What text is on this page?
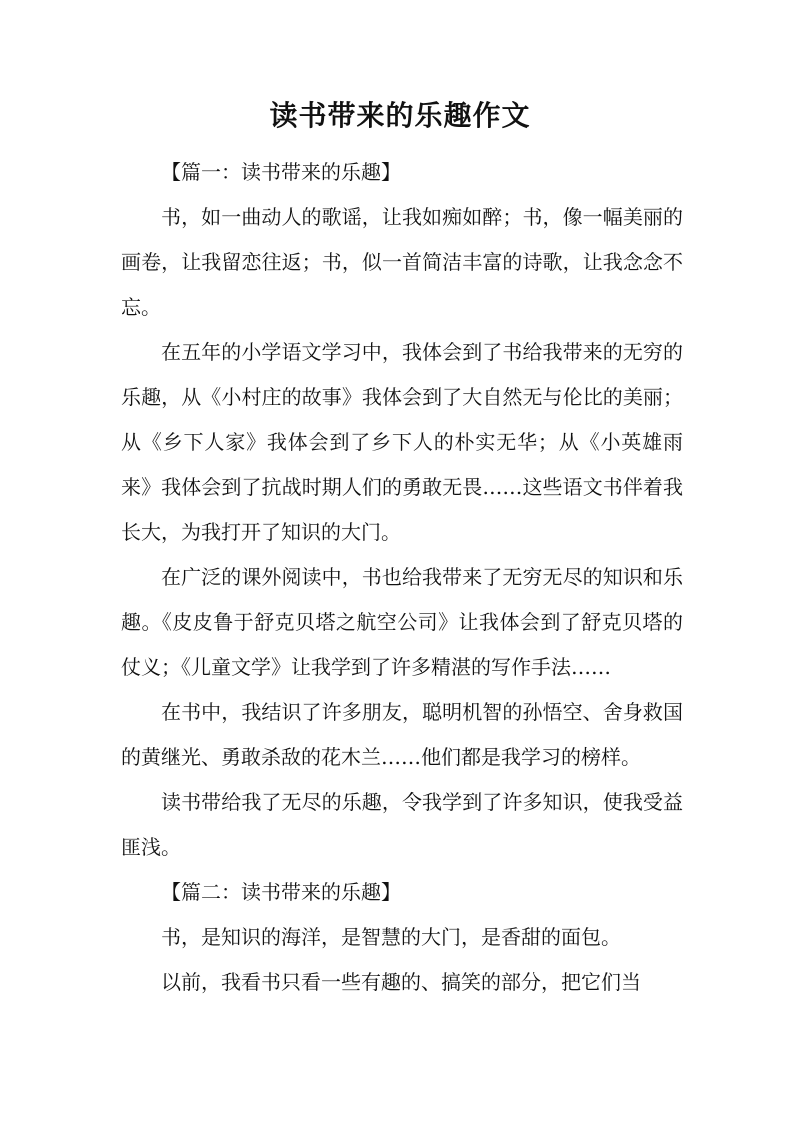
读书带来的乐趣作文

【篇一：读书带来的乐趣】

书，如一曲动人的歌谣，让我如痴如醉；书，像一幅美丽的画卷，让我留恋往返；书，似一首简洁丰富的诗歌，让我念念不忘。

在五年的小学语文学习中，我体会到了书给我带来的无穷的乐趣，从《小村庄的故事》我体会到了大自然无与伦比的美丽；从《乡下人家》我体会到了乡下人的朴实无华；从《小英雄雨来》我体会到了抗战时期人们的勇敢无畏……这些语文书伴着我长大，为我打开了知识的大门。

在广泛的课外阅读中，书也给我带来了无穷无尽的知识和乐趣。《皮皮鲁于舒克贝塔之航空公司》让我体会到了舒克贝塔的仗义；《儿童文学》让我学到了许多精湛的写作手法……

在书中，我结识了许多朋友，聪明机智的孙悟空、舍身救国的黄继光、勇敢杀敌的花木兰……他们都是我学习的榜样。

读书带给我了无尽的乐趣，令我学到了许多知识，使我受益匪浅。

【篇二：读书带来的乐趣】

书，是知识的海洋，是智慧的大门，是香甜的面包。

以前，我看书只看一些有趣的、搞笑的部分，把它们当
